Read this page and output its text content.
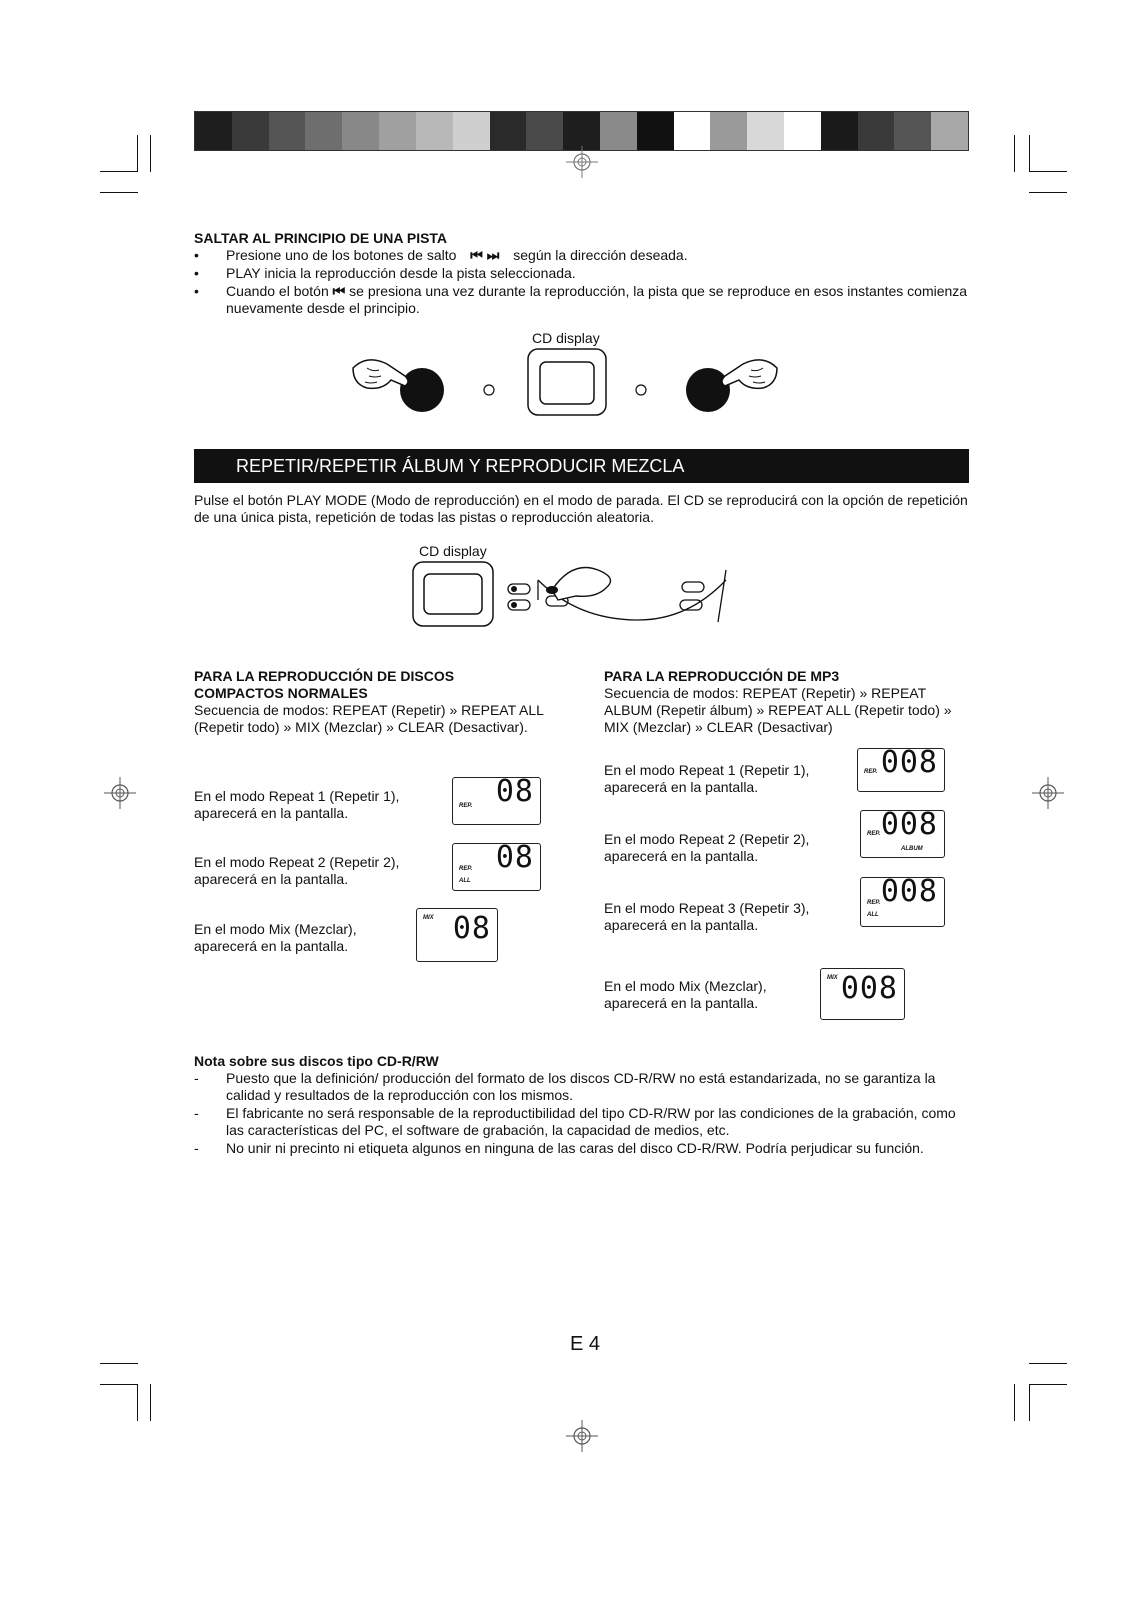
SALTAR AL PRINCIPIO DE UNA PISTA
• Presione uno de los botones de salto ⏮ ⏭ según la dirección deseada.
• PLAY inicia la reproducción desde la pista seleccionada.
• Cuando el botón ⏮ se presiona una vez durante la reproducción, la pista que se reproduce en esos instantes comienza nuevamente desde el principio.
CD display
REPETIR/REPETIR ÁLBUM Y REPRODUCIR MEZCLA
Pulse el botón PLAY MODE (Modo de reproducción) en el modo de parada. El CD se reproducirá con la opción de repetición de una única pista, repetición de todas las pistas o reproducción aleatoria.
CD display
PARA LA REPRODUCCIÓN DE DISCOS
COMPACTOS NORMALES
Secuencia de modos: REPEAT (Repetir) » REPEAT ALL (Repetir todo) » MIX (Mezclar) » CLEAR (Desactivar).
En el modo Repeat 1 (Repetir 1), aparecerá en la pantalla.	REP. 08
En el modo Repeat 2 (Repetir 2), aparecerá en la pantalla.
REP.
ALL
08
En el modo Mix (Mezclar), aparecerá en la pantalla.
MIX 08
PARA LA REPRODUCCIÓN DE MP3
Secuencia de modos: REPEAT (Repetir) » REPEAT ALBUM (Repetir álbum) » REPEAT ALL (Repetir todo) » MIX (Mezclar) » CLEAR (Desactivar)
En el modo Repeat 1 (Repetir 1), aparecerá en la pantalla.
REP. 008
En el modo Repeat 2 (Repetir 2), aparecerá en la pantalla.
REP.
ALBUM
008
En el modo Repeat 3 (Repetir 3), aparecerá en la pantalla.
REP.
ALL
008
En el modo Mix (Mezclar), aparecerá en la pantalla.
MIX 008
Nota sobre sus discos tipo CD-R/RW
- Puesto que la definición/ producción del formato de los discos CD-R/RW no está estandarizada, no se garantiza la calidad y resultados de la reproducción con los mismos.
- El fabricante no será responsable de la reproductibilidad del tipo CD-R/RW por las condiciones de la grabación, como las características del PC, el software de grabación, la capacidad de medios, etc.
- No unir ni precinto ni etiqueta algunos en ninguna de las caras del disco CD-R/RW. Podría perjudicar su función.
E 4
